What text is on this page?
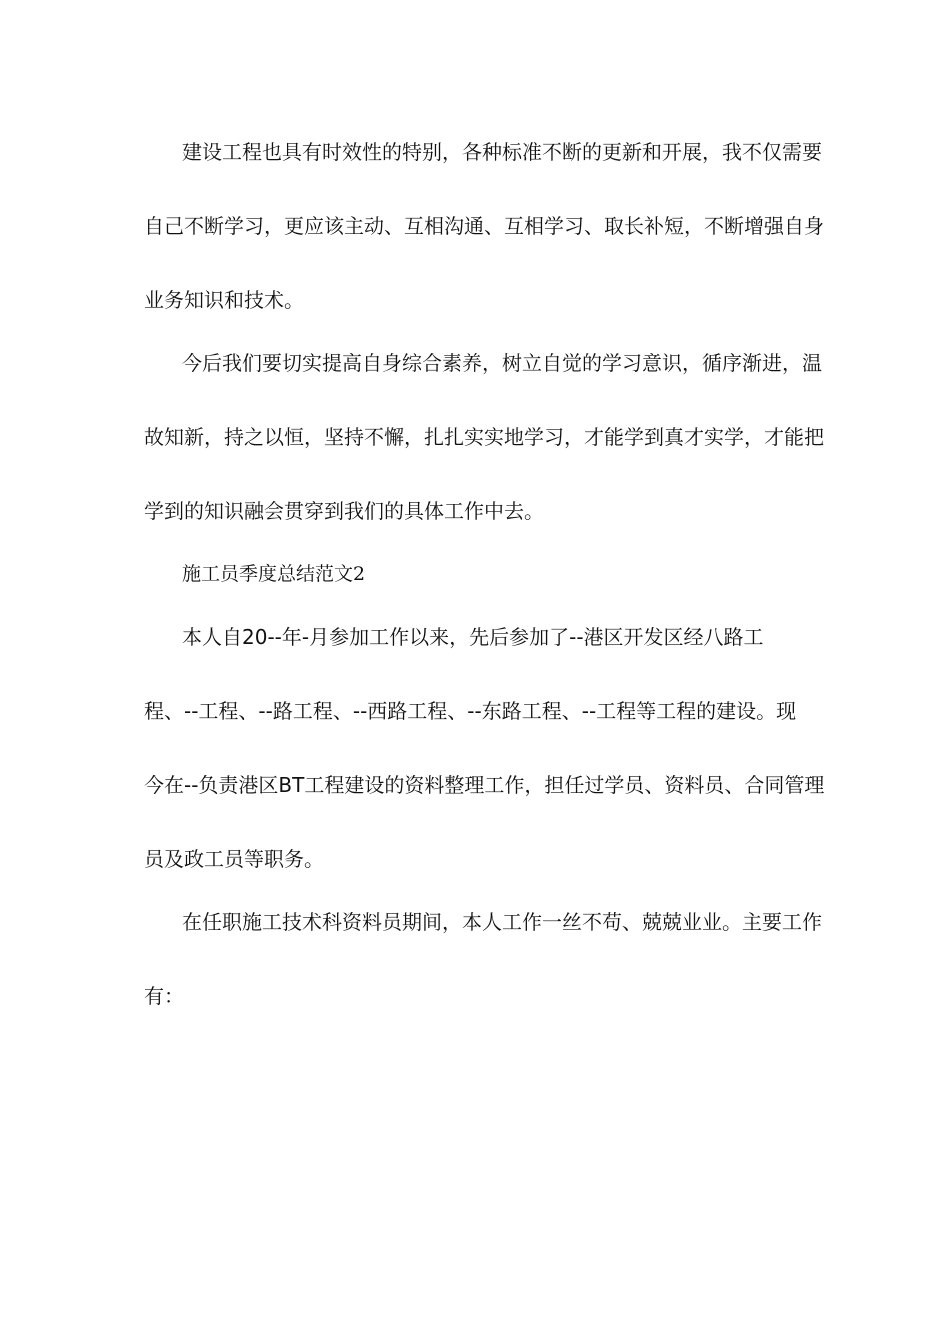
建设工程也具有时效性的特别，各种标准不断的更新和开展，我不仅需要
自己不断学习，更应该主动、互相沟通、互相学习、取长补短，不断增强自身
业务知识和技术。
今后我们要切实提高自身综合素养，树立自觉的学习意识，循序渐进，温
故知新，持之以恒，坚持不懈，扎扎实实地学习，才能学到真才实学，才能把
学到的知识融会贯穿到我们的具体工作中去。
施工员季度总结范文2
本人自20--年-月参加工作以来，先后参加了--港区开发区经八路工
程、--工程、--路工程、--西路工程、--东路工程、--工程等工程的建设。现
今在--负责港区BT工程建设的资料整理工作，担任过学员、资料员、合同管理
员及政工员等职务。
在任职施工技术科资料员期间，本人工作一丝不苟、兢兢业业。主要工作
有：
